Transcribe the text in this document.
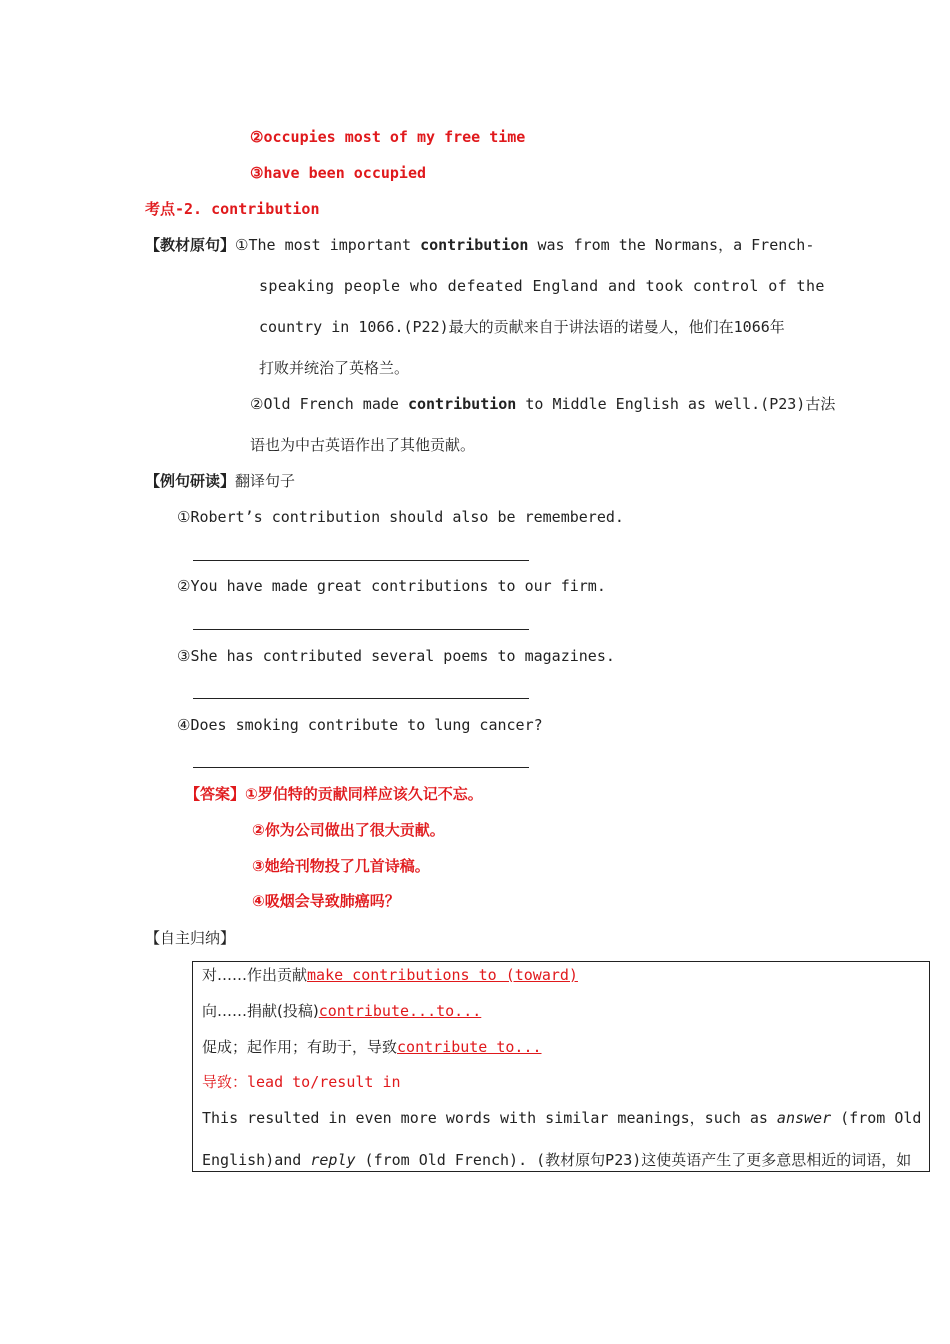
②occupies most of my free time
③have been occupied
考点-2. contribution
【教材原句】①The most important contribution was from the Normans，a French-
speaking people who defeated England and took control of the
country in 1066.(P22)最大的贡献来自于讲法语的诺曼人，他们在1066年
打败并统治了英格兰。
②Old French made contribution to Middle English as well.(P23)古法
语也为中古英语作出了其他贡献。
【例句研读】翻译句子
①Robert’s contribution should also be remembered.
②You have made great contributions to our firm.
③She has contributed several poems to magazines.
④Does smoking contribute to lung cancer?
【答案】①罗伯特的贡献同样应该久记不忘。
②你为公司做出了很大贡献。
③她给刊物投了几首诗稿。
④吸烟会导致肺癌吗？
【自主归纳】
对……作出贡献make contributions to (toward)
向……捐献(投稿)contribute...to...
促成；起作用；有助于，导致contribute to...
导致：lead to/result in
This resulted in even more words with similar meanings，such as answer (from Old
English)and reply (from Old French). (教材原句P23)这使英语产生了更多意思相近的词语，如
